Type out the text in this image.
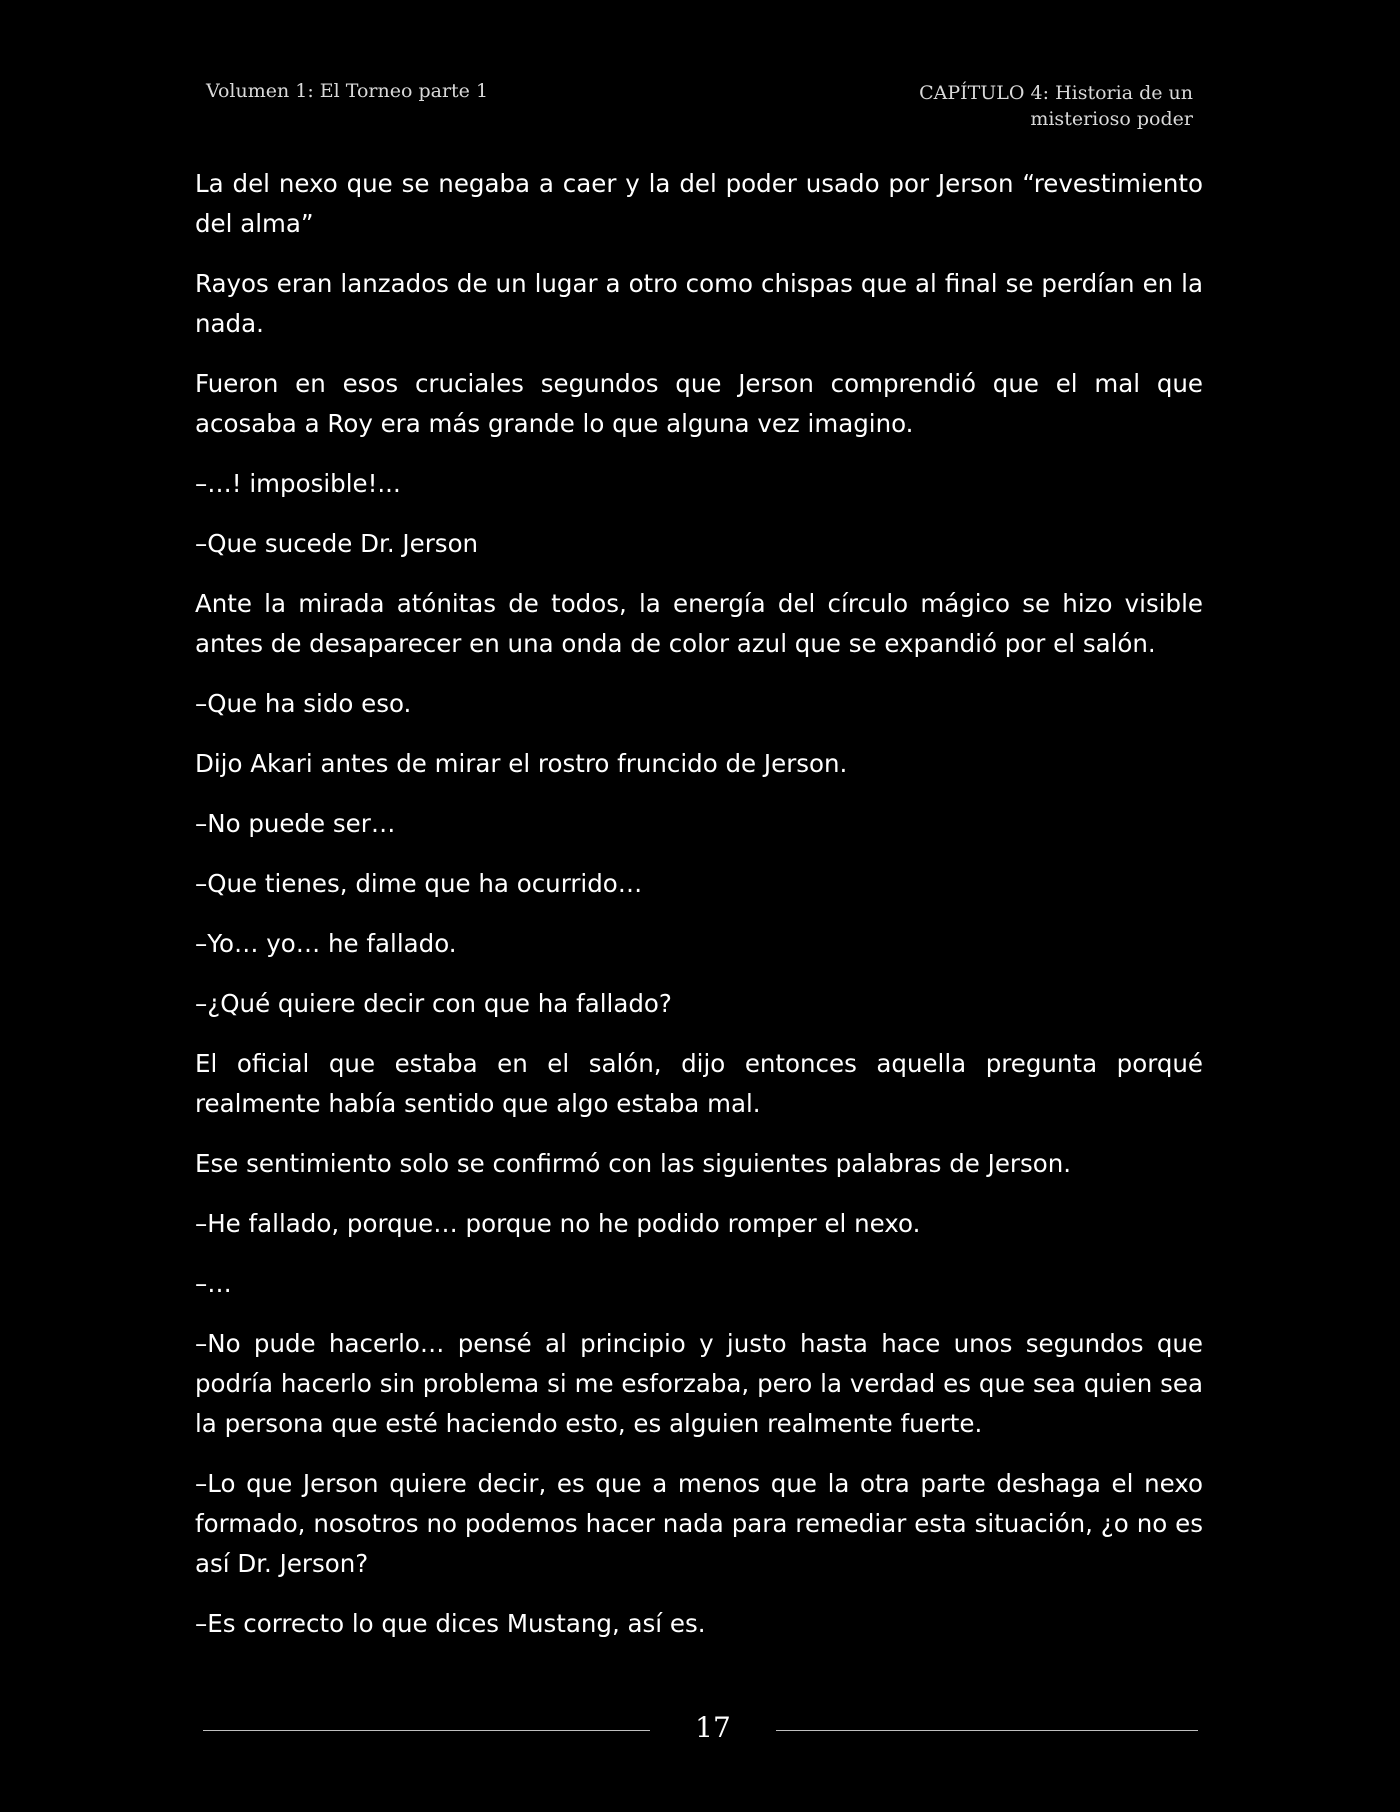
Volumen 1: El Torneo parte 1	CAPÍTULO 4: Historia de un
misterioso poder

La del nexo que se negaba a caer y la del poder usado por Jerson “revestimiento del alma”

Rayos eran lanzados de un lugar a otro como chispas que al final se perdían en la nada.

Fueron en esos cruciales segundos que Jerson comprendió que el mal que acosaba a Roy era más grande lo que alguna vez imagino.

–…! imposible!...

–Que sucede Dr. Jerson

Ante la mirada atónitas de todos, la energía del círculo mágico se hizo visible antes de desaparecer en una onda de color azul que se expandió por el salón.

–Que ha sido eso.

Dijo Akari antes de mirar el rostro fruncido de Jerson.

–No puede ser…

–Que tienes, dime que ha ocurrido…

–Yo… yo… he fallado.

–¿Qué quiere decir con que ha fallado?

El oficial que estaba en el salón, dijo entonces aquella pregunta porqué realmente había sentido que algo estaba mal.

Ese sentimiento solo se confirmó con las siguientes palabras de Jerson.

–He fallado, porque… porque no he podido romper el nexo.

–…

–No pude hacerlo… pensé al principio y justo hasta hace unos segundos que podría hacerlo sin problema si me esforzaba, pero la verdad es que sea quien sea la persona que esté haciendo esto, es alguien realmente fuerte.

–Lo que Jerson quiere decir, es que a menos que la otra parte deshaga el nexo formado, nosotros no podemos hacer nada para remediar esta situación, ¿o no es así Dr. Jerson?

–Es correcto lo que dices Mustang, así es.

17
